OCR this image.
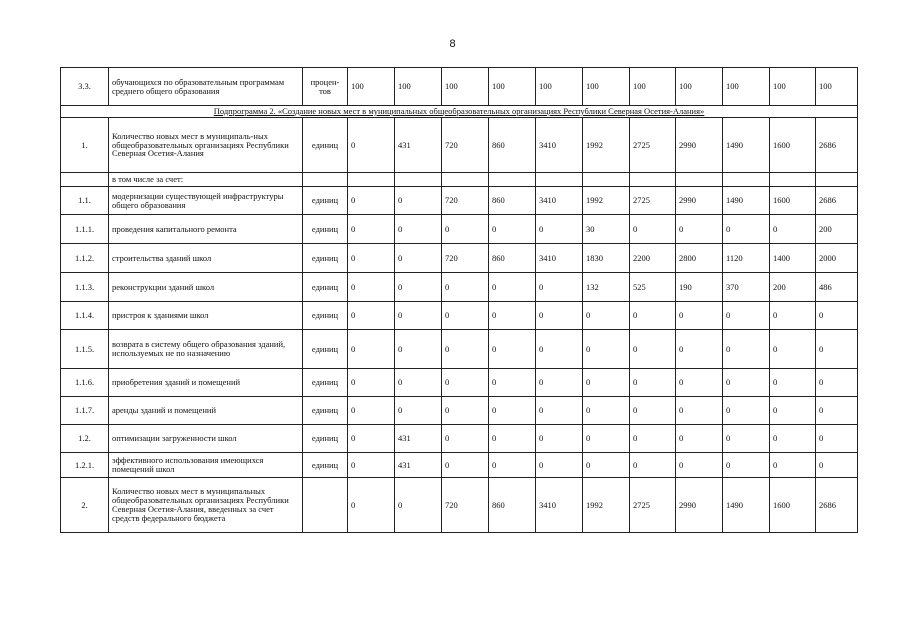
8
3.3.	обучающихся по образовательным программам среднего общего образования	процен-тов	100	100	100	100	100	100	100	100	100	100	100
Подпрограмма 2. «Создание новых мест в муниципальных общеобразовательных организациях Республики Северная Осетия-Алания»													
1.	Количество новых мест в муниципаль-ных общеобразовательных организациях Республики Северная Осетия-Алания	единиц	0	431	720	860	3410	1992	2725	2990	1490	1600	2686
	в том числе за счет:												
1.1.	модернизации существующей инфраструктуры общего образования	единиц	0	0	720	860	3410	1992	2725	2990	1490	1600	2686
1.1.1.	проведения капитального ремонта	единиц	0	0	0	0	0	30	0	0	0	0	200
1.1.2.	строительства зданий школ	единиц	0	0	720	860	3410	1830	2200	2800	1120	1400	2000
1.1.3.	реконструкции зданий школ	единиц	0	0	0	0	0	132	525	190	370	200	486
1.1.4.	пристроя к зданиями школ	единиц	0	0	0	0	0	0	0	0	0	0	0
1.1.5.	возврата в систему общего образования зданий, используемых не по назначению	единиц	0	0	0	0	0	0	0	0	0	0	0
1.1.6.	приобретения зданий и помещений	единиц	0	0	0	0	0	0	0	0	0	0	0
1.1.7.	аренды зданий и помещений	единиц	0	0	0	0	0	0	0	0	0	0	0
1.2.	оптимизации загруженности школ	единиц	0	431	0	0	0	0	0	0	0	0	0
1.2.1.	эффективного использования имеющихся помещений школ	единиц	0	431	0	0	0	0	0	0	0	0	0
2.	Количество новых мест в муниципальных общеобразовательных организациях Республики Северная Осетия-Алания, введенных за счет средств федерального бюджета		0	0	720	860	3410	1992	2725	2990	1490	1600	2686
